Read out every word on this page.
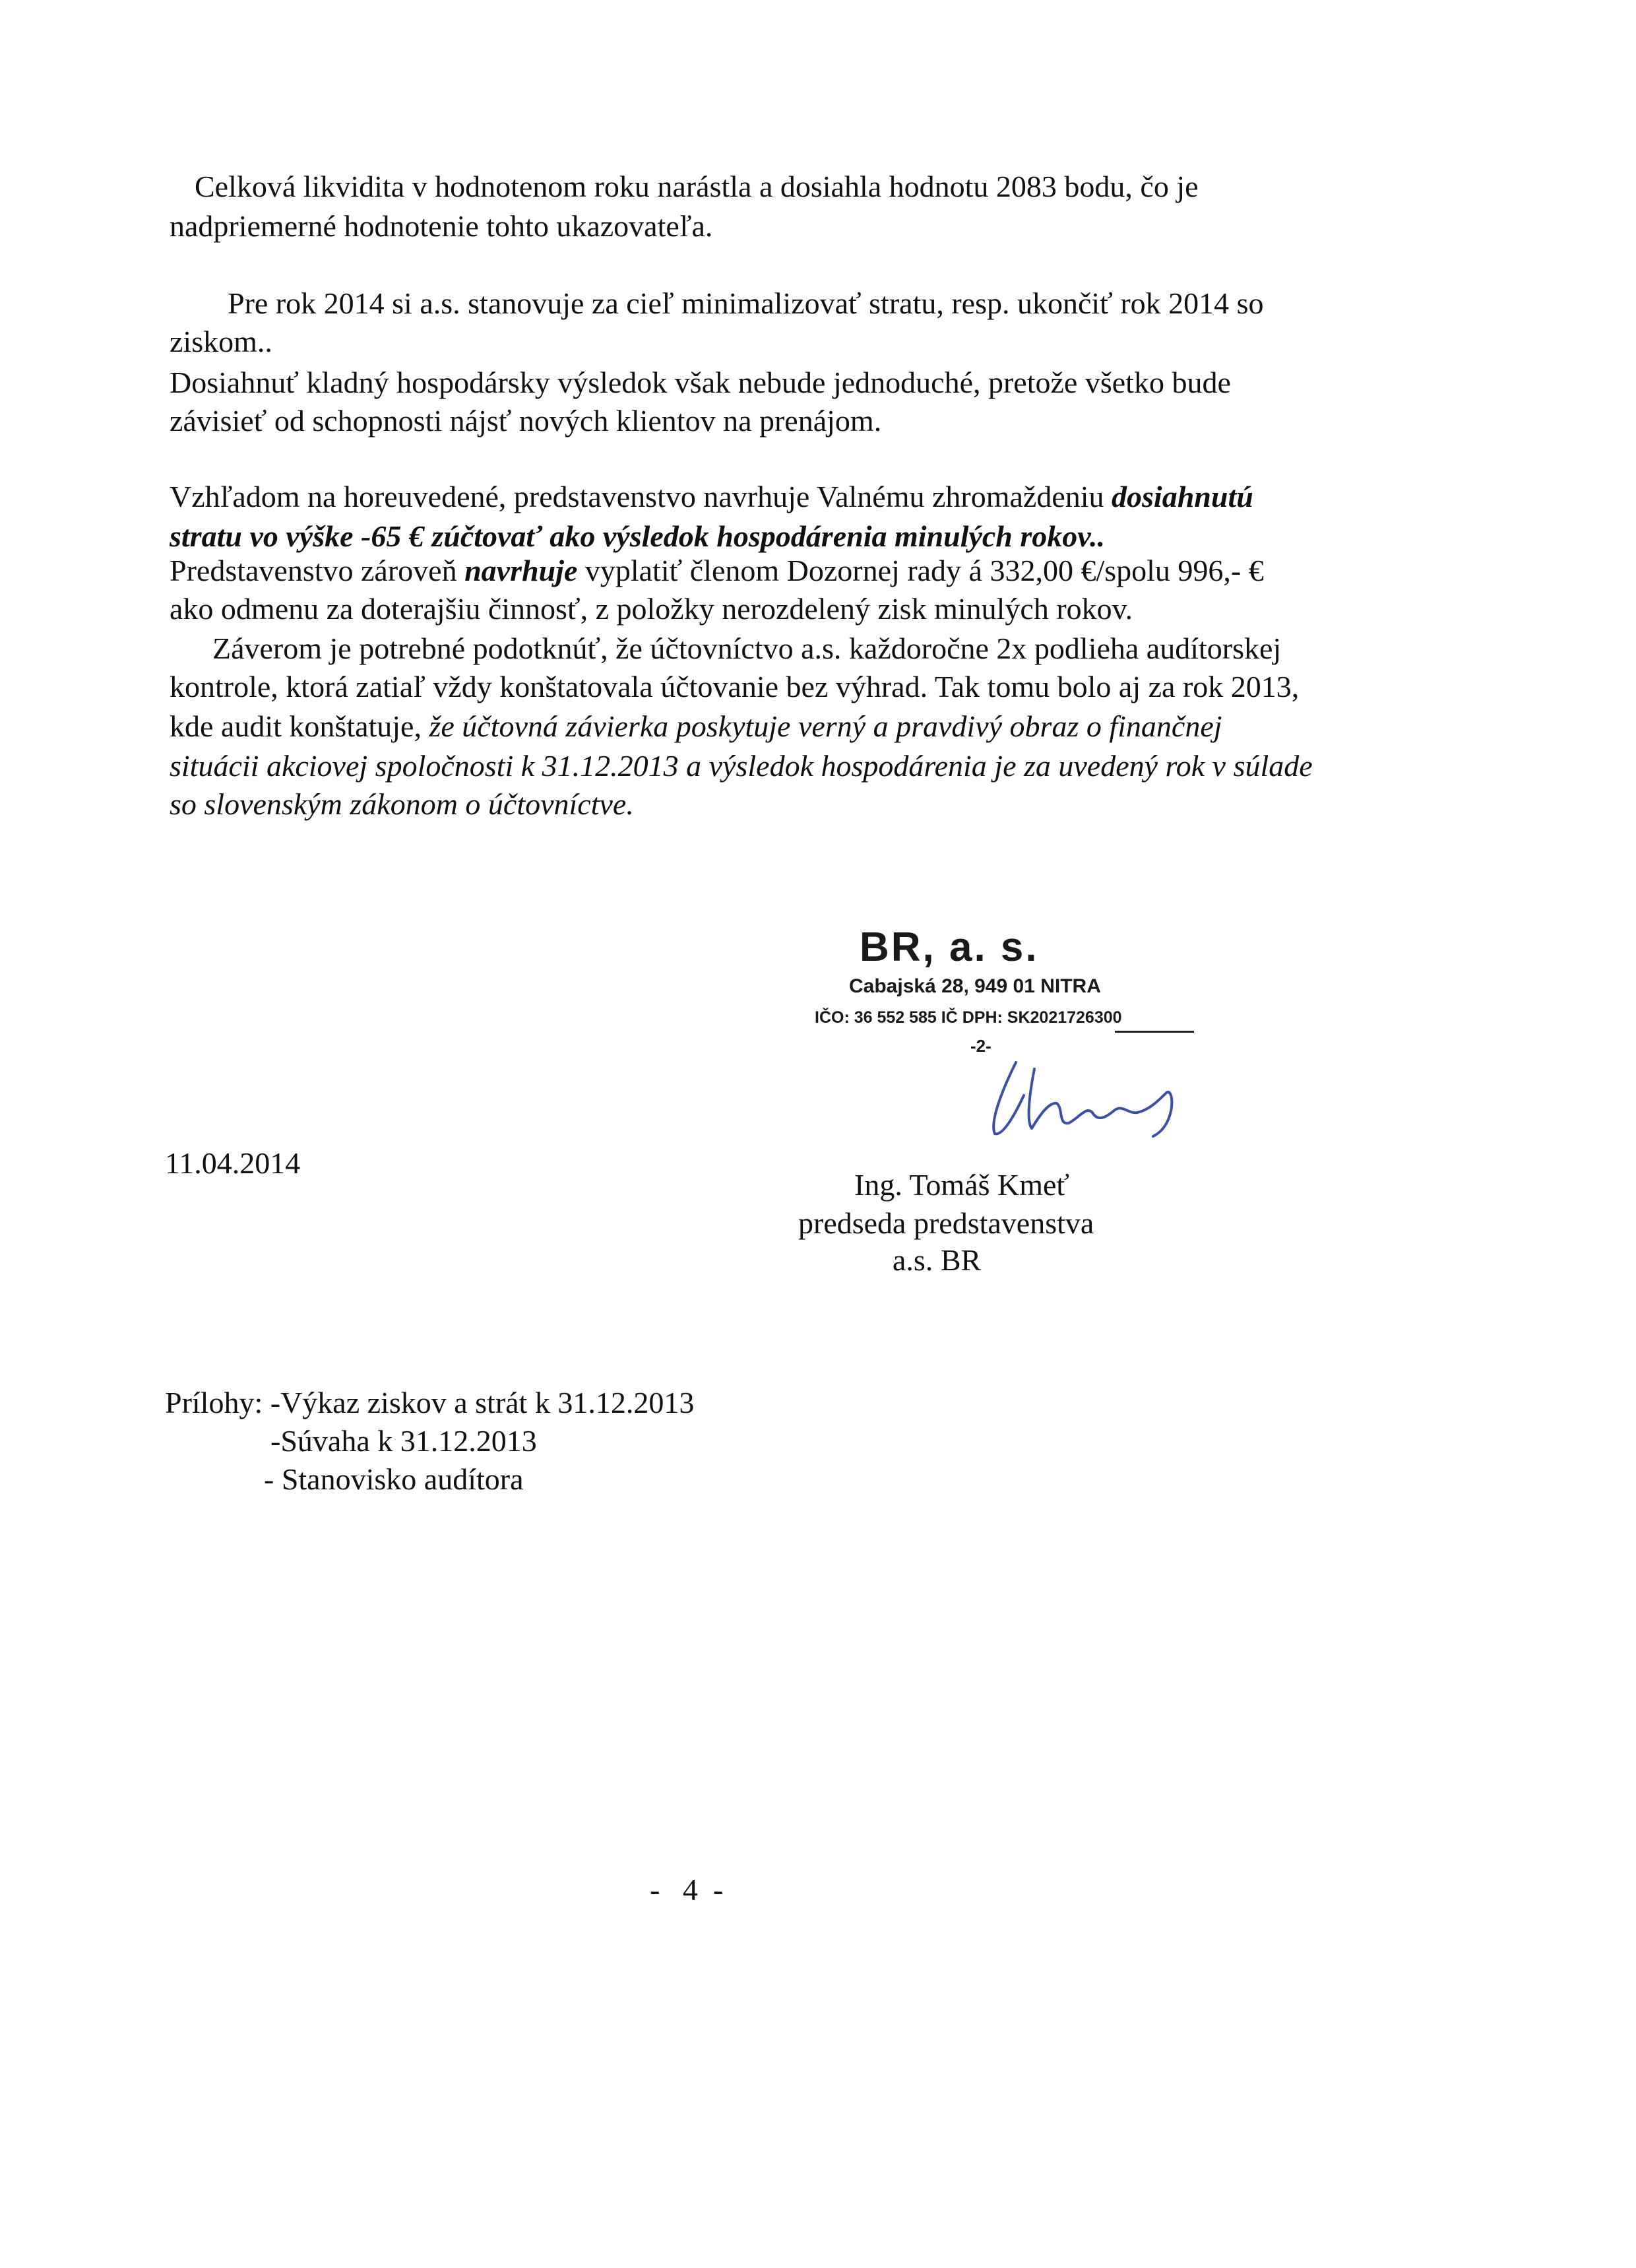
Celková likvidita v hodnotenom roku narástla a dosiahla hodnotu 2083 bodu, čo je
nadpriemerné hodnotenie tohto ukazovateľa.
Pre rok 2014 si a.s. stanovuje za cieľ minimalizovať stratu, resp. ukončiť rok 2014 so
ziskom..
Dosiahnuť kladný hospodársky výsledok však nebude jednoduché, pretože všetko bude
závisieť od schopnosti nájsť nových klientov na prenájom.
Vzhľadom na horeuvedené, predstavenstvo navrhuje Valnému zhromaždeniu dosiahnutú
stratu vo výške -65 € zúčtovať ako výsledok hospodárenia minulých rokov..
Predstavenstvo zároveň navrhuje vyplatiť členom Dozornej rady á 332,00 €/spolu 996,- €
ako odmenu za doterajšiu činnosť, z položky nerozdelený zisk minulých rokov.
Záverom je potrebné podotknúť, že účtovníctvo a.s. každoročne 2x podlieha audítorskej
kontrole, ktorá zatiaľ vždy konštatovala účtovanie bez výhrad. Tak tomu bolo aj za rok 2013,
kde audit konštatuje, že účtovná závierka poskytuje verný a pravdivý obraz o finančnej
situácii akciovej spoločnosti k 31.12.2013 a výsledok hospodárenia je za uvedený rok v súlade
so slovenským zákonom o účtovníctve.
BR, a. s.
Cabajská 28, 949 01 NITRA
IČO: 36 552 585 IČ DPH: SK2021726300
-2-
11.04.2014
Ing. Tomáš Kmeť
predseda predstavenstva
a.s. BR
Prílohy: -Výkaz ziskov a strát k 31.12.2013
-Súvaha k 31.12.2013
- Stanovisko audítora
-   4  -
